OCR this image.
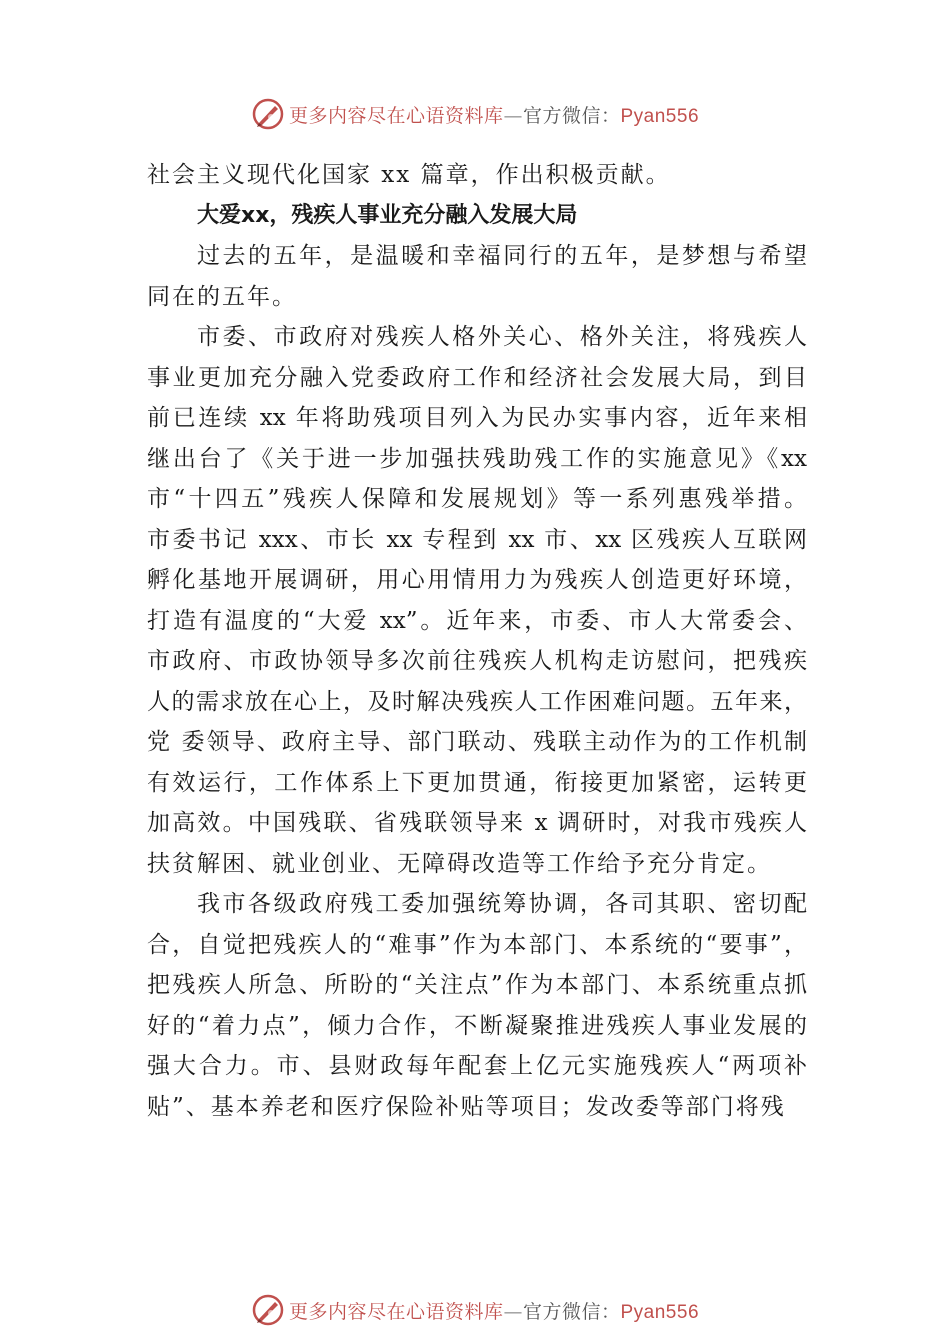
更多内容尽在心语资料库—官方微信：Pyan556
社会主义现代化国家 xx 篇章，作出积极贡献。
大爱xx，残疾人事业充分融入发展大局
过去的五年，是温暖和幸福同行的五年，是梦想与希望
同在的五年。
市委、市政府对残疾人格外关心、格外关注，将残疾人
事业更加充分融入党委政府工作和经济社会发展大局，到目
前已连续 xx 年将助残项目列入为民办实事内容，近年来相
继出台了《关于进一步加强扶残助残工作的实施意见》《xx
市“十四五”残疾人保障和发展规划》等一系列惠残举措。
市委书记 xxx、市长 xx 专程到 xx 市、xx 区残疾人互联网
孵化基地开展调研，用心用情用力为残疾人创造更好环境，
打造有温度的“大爱 xx”。近年来，市委、市人大常委会、
市政府、市政协领导多次前往残疾人机构走访慰问，把残疾
人的需求放在心上，及时解决残疾人工作困难问题。五年来，
党 委领导、政府主导、部门联动、残联主动作为的工作机制
有效运行，工作体系上下更加贯通，衔接更加紧密，运转更
加高效。中国残联、省残联领导来 x 调研时，对我市残疾人
扶贫解困、就业创业、无障碍改造等工作给予充分肯定。
我市各级政府残工委加强统筹协调，各司其职、密切配
合，自觉把残疾人的“难事”作为本部门、本系统的“要事”，
把残疾人所急、所盼的“关注点”作为本部门、本系统重点抓
好的“着力点”，倾力合作，不断凝聚推进残疾人事业发展的
强大合力。市、县财政每年配套上亿元实施残疾人“两项补
贴”、基本养老和医疗保险补贴等项目；发改委等部门将残
更多内容尽在心语资料库—官方微信：Pyan556
